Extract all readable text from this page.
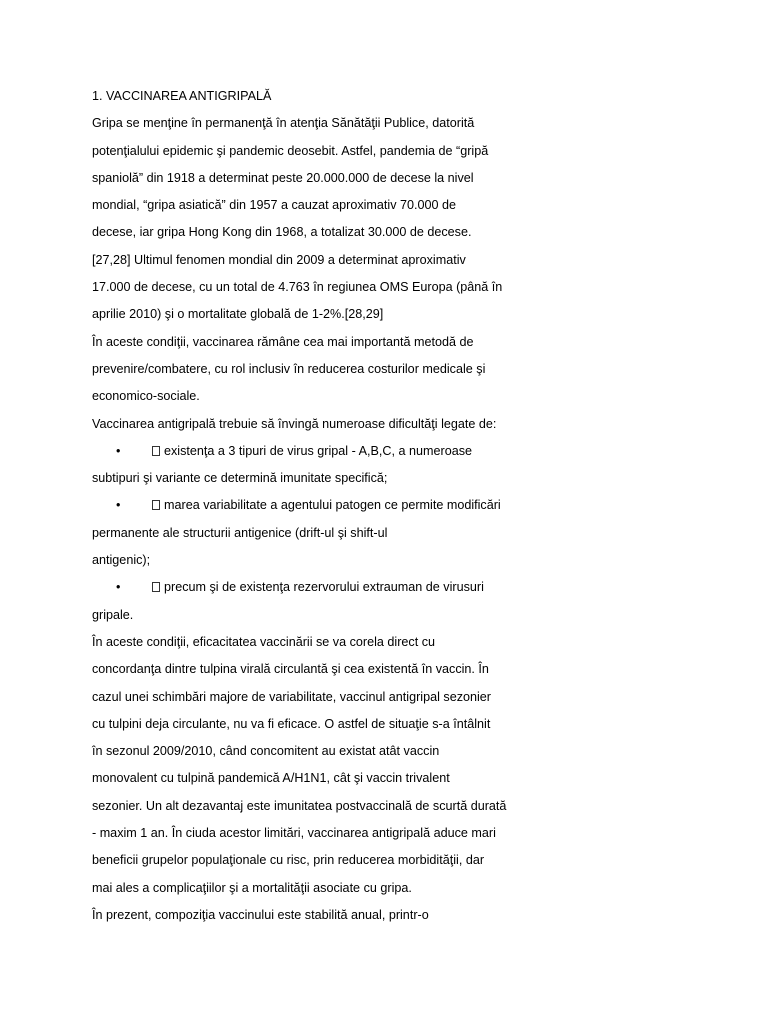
1. VACCINAREA ANTIGRIPALĂ
Gripa se menţine în permanenţă în atenţia Sănătăţii Publice, datorită
potenţialului epidemic şi pandemic deosebit. Astfel, pandemia de “gripă
spaniolă” din 1918 a determinat peste 20.000.000 de decese la nivel
mondial, “gripa asiatică” din 1957 a cauzat aproximativ 70.000 de
decese, iar gripa Hong Kong din 1968, a totalizat 30.000 de decese.
[27,28] Ultimul fenomen mondial din 2009 a determinat aproximativ
17.000 de decese, cu un total de 4.763 în regiunea OMS Europa (până în
aprilie 2010) şi o mortalitate globală de 1-2%.[28,29]
În aceste condiţii, vaccinarea rămâne cea mai importantă metodă de
prevenire/combatere, cu rol inclusiv în reducerea costurilor medicale şi
economico-sociale.
Vaccinarea antigripală trebuie să învingă numeroase dificultăţi legate de:
•	existenţa a 3 tipuri de virus gripal - A,B,C, a numeroase
subtipuri şi variante ce determină imunitate specifică;
•	marea variabilitate a agentului patogen ce permite modificări
permanente ale structurii antigenice (drift-ul şi shift-ul
antigenic);
•	precum şi de existenţa rezervorului extrauman de virusuri
gripale.
În aceste condiţii, eficacitatea vaccinării se va corela direct cu
concordanţa dintre tulpina virală circulantă şi cea existentă în vaccin. În
cazul unei schimbări majore de variabilitate, vaccinul antigripal sezonier
cu tulpini deja circulante, nu va fi eficace. O astfel de situaţie s-a întâlnit
în sezonul 2009/2010, când concomitent au existat atât vaccin
monovalent cu tulpină pandemică A/H1N1, cât şi vaccin trivalent
sezonier. Un alt dezavantaj este imunitatea postvaccinală de scurtă durată
- maxim 1 an. În ciuda acestor limitări, vaccinarea antigripală aduce mari
beneficii grupelor populaţionale cu risc, prin reducerea morbidităţii, dar
mai ales a complicaţiilor şi a mortalităţii asociate cu gripa.
În prezent, compoziţia vaccinului este stabilită anual, printr-o
